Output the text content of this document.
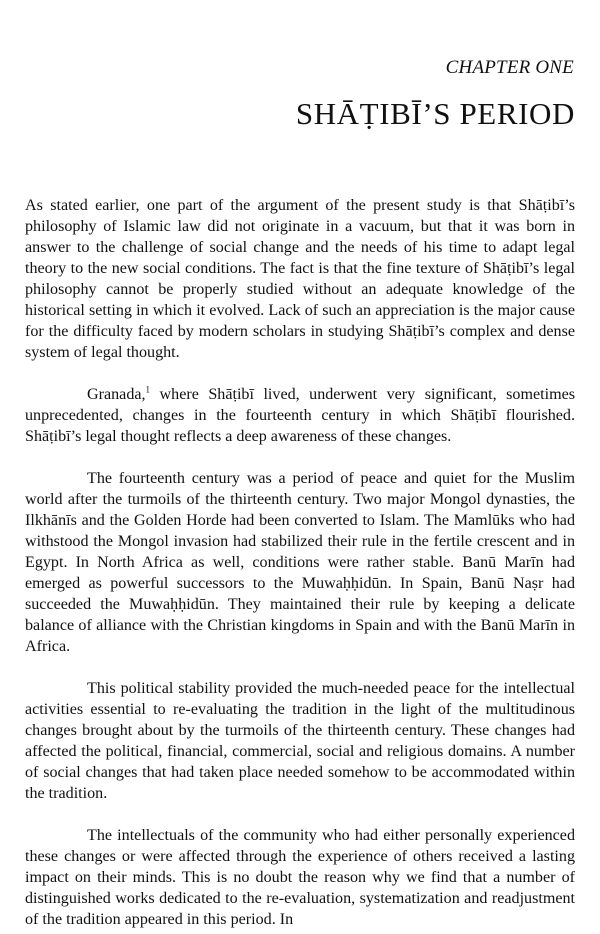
CHAPTER ONE
SHĀṬIBĪ’S PERIOD

As stated earlier, one part of the argument of the present study is that Shāṭibī’s philosophy of Islamic law did not originate in a vacuum, but that it was born in answer to the challenge of social change and the needs of his time to adapt legal theory to the new social conditions. The fact is that the fine texture of Shāṭibī’s legal philosophy cannot be properly studied without an adequate knowledge of the historical setting in which it evolved. Lack of such an appreciation is the major cause for the difficulty faced by modern scholars in studying Shāṭibī’s complex and dense system of legal thought.

Granada,$^1$ where Shāṭibī lived, underwent very significant, sometimes unprecedented, changes in the fourteenth century in which Shāṭibī flourished. Shāṭibī’s legal thought reflects a deep awareness of these changes.

The fourteenth century was a period of peace and quiet for the Muslim world after the turmoils of the thirteenth century. Two major Mongol dynasties, the Ilkhānīs and the Golden Horde had been converted to Islam. The Mamlūks who had withstood the Mongol invasion had stabilized their rule in the fertile crescent and in Egypt. In North Africa as well, conditions were rather stable. Banū Marīn had emerged as powerful successors to the Muwaḥḥidūn. In Spain, Banū Naṣr had succeeded the Muwaḥḥidūn. They maintained their rule by keeping a delicate balance of alliance with the Christian kingdoms in Spain and with the Banū Marīn in Africa.

This political stability provided the much-needed peace for the intellectual activities essential to re-evaluating the tradition in the light of the multitudinous changes brought about by the turmoils of the thirteenth century. These changes had affected the political, financial, commercial, social and religious domains. A number of social changes that had taken place needed somehow to be accommodated within the tradition.

The intellectuals of the community who had either personally experienced these changes or were affected through the experience of others received a lasting impact on their minds. This is no doubt the reason why we find that a number of distinguished works dedicated to the re-evaluation, systematization and readjustment of the tradition appeared in this period. In
